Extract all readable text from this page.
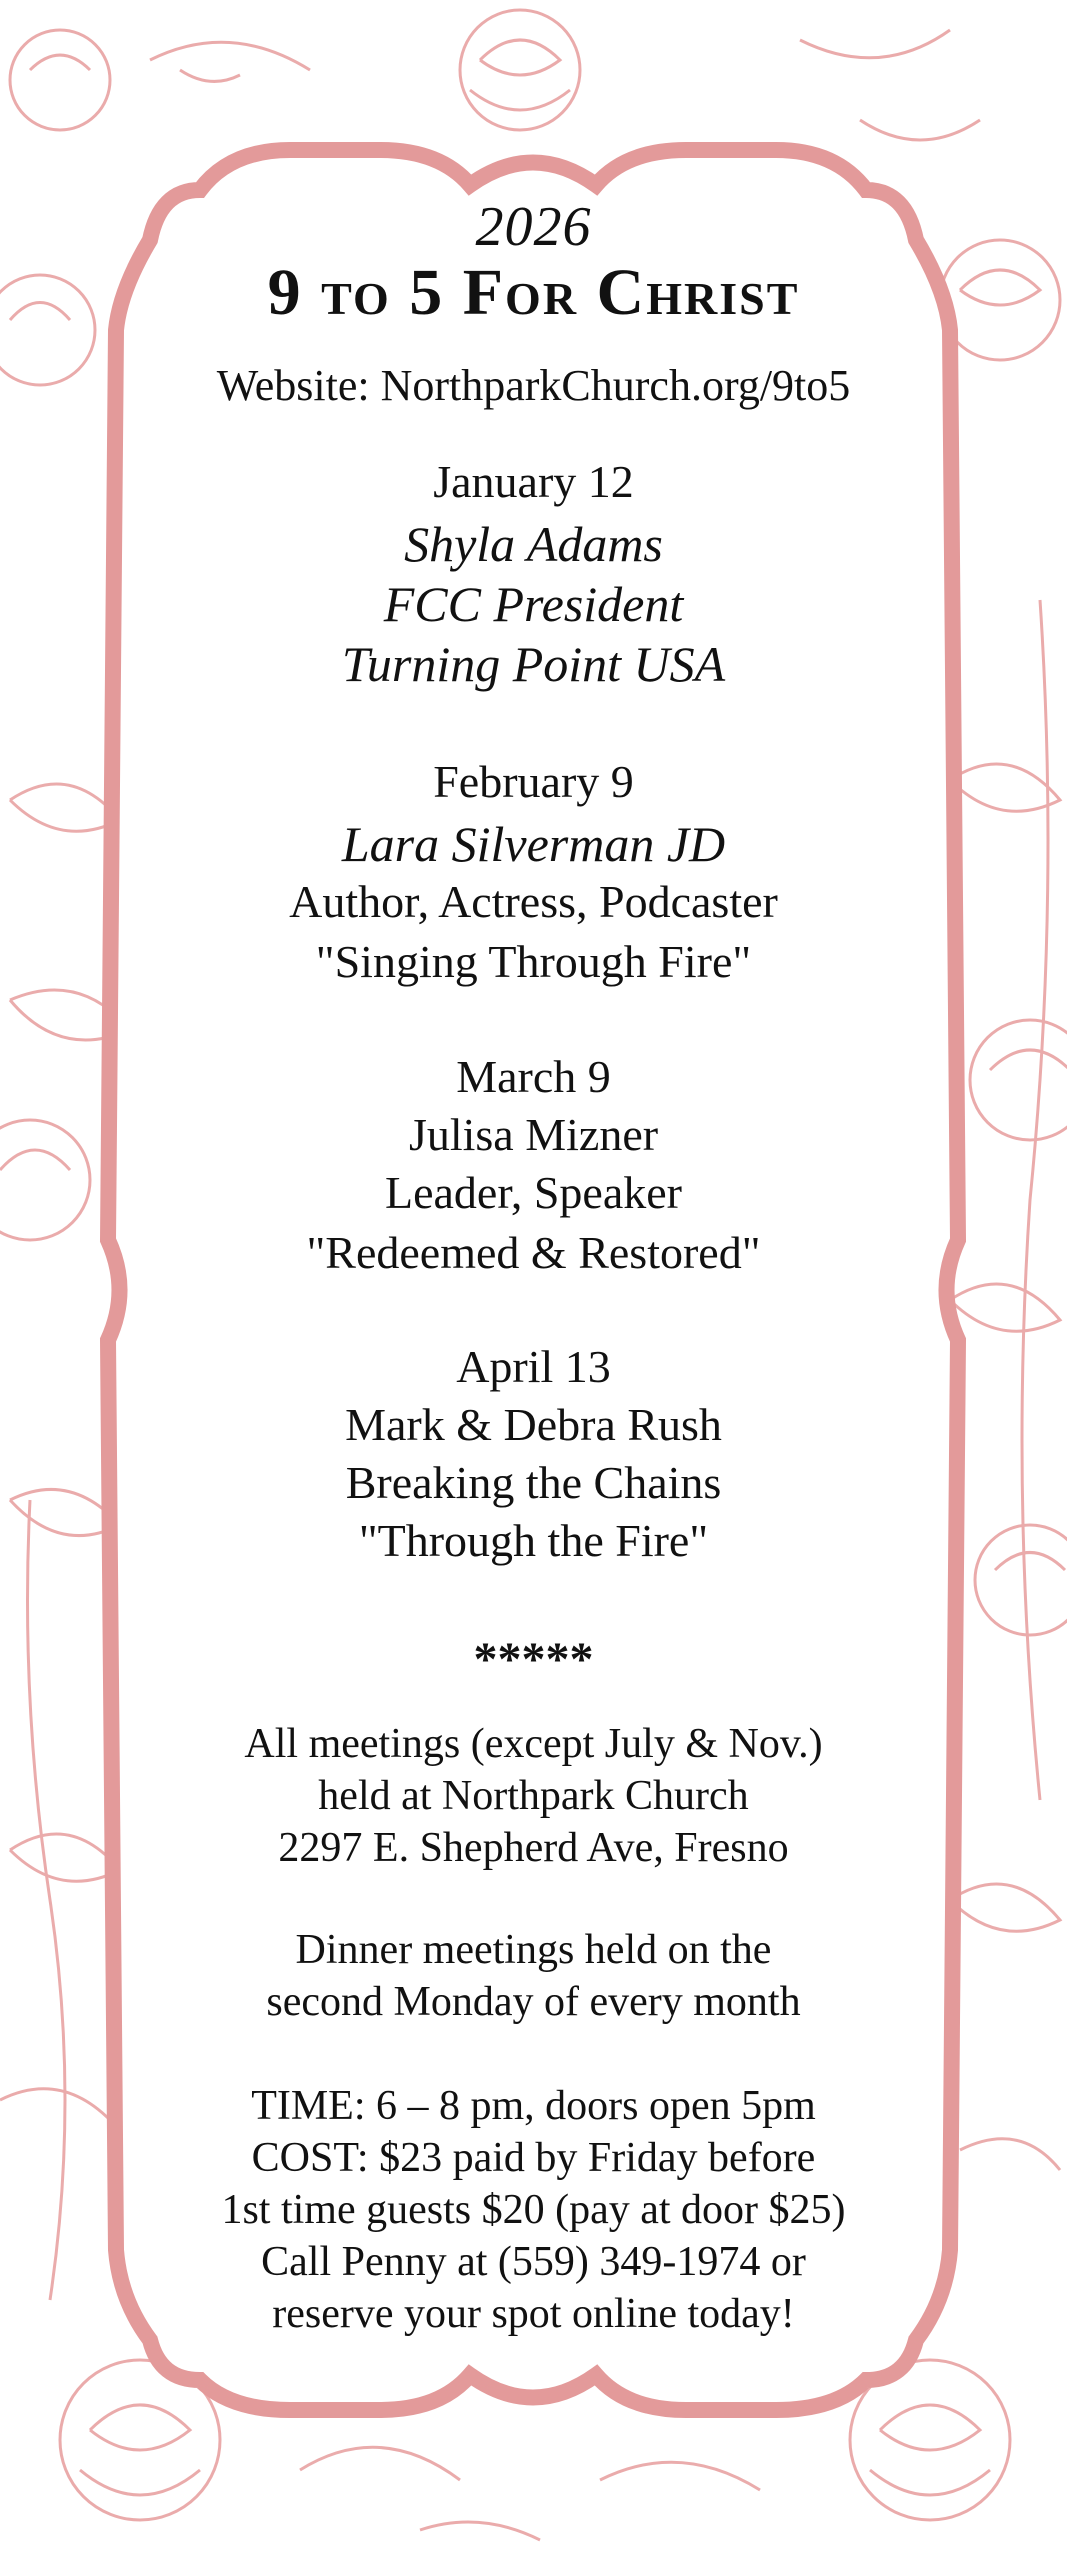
2026
9 to 5 For Christ
Website: NorthparkChurch.org/9to5
January 12
Shyla Adams
FCC President
Turning Point USA
February 9
Lara Silverman JD
Author, Actress, Podcaster
"Singing Through Fire"
March 9
Julisa Mizner
Leader, Speaker
"Redeemed & Restored"
April 13
Mark & Debra Rush
Breaking the Chains
"Through the Fire"
*****
All meetings (except July & Nov.)
held at Northpark Church
2297 E. Shepherd Ave, Fresno
Dinner meetings held on the
second Monday of every month
TIME: 6 – 8 pm, doors open 5pm
COST: $23 paid by Friday before
1st time guests $20 (pay at door $25)
Call Penny at (559) 349-1974 or
reserve your spot online today!
